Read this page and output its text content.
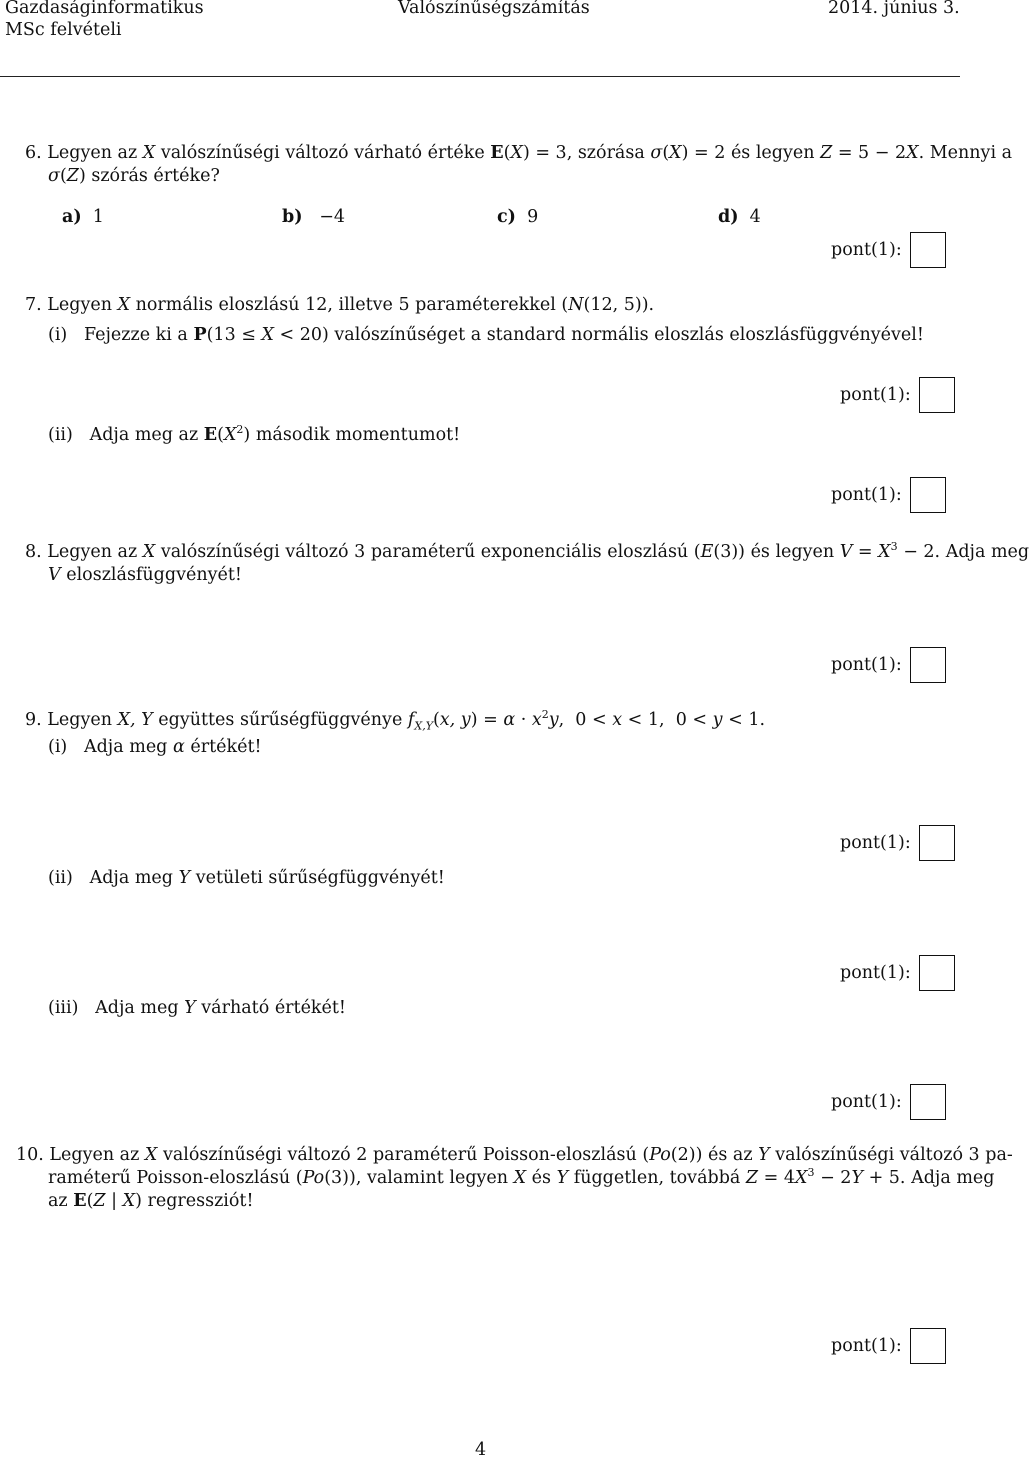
Gazdaságinformatikus
MSc felvételi
Valószínűségszámítás	2014. június 3.
6. Legyen az X valószínűségi változó várható értéke E(X) = 3, szórása σ(X) = 2 és legyen Z = 5 − 2X. Mennyi a
σ(Z) szórás értéke?
a) 1	b)   −4	c) 9	d) 4
pont(1):
7. Legyen X normális eloszlású 12, illetve 5 paraméterekkel (N(12, 5)).
(i) Fejezze ki a P(13 ≤ X < 20) valószínűséget a standard normális eloszlás eloszlásfüggvényével!
pont(1):
(ii) Adja meg az $E(X^2)$ második momentumot!
pont(1):
8. Legyen az X valószínűségi változó 3 paraméterű exponenciális eloszlású (E(3)) és legyen $V = X^3 - 2$. Adja meg
V eloszlásfüggvényét!
pont(1):
9. Legyen X, Y együttes sűrűségfüggvénye $f_{X,Y}(x$, $y) = \alpha \cdot x^2y$,  0 < x < 1,  0 < y < 1.
(i) Adja meg α értékét!
pont(1):
(ii) Adja meg Y vetületi sűrűségfüggvényét!
pont(1):
(iii) Adja meg Y várható értékét!
pont(1):
10. Legyen az X valószínűségi változó 2 paraméterű Poisson-eloszlású (Po(2)) és az Y valószínűségi változó 3 pa-
raméterű Poisson-eloszlású (Po(3)), valamint legyen X és Y független, továbbá $Z = 4X^3 - 2Y + 5$. Adja meg
az E(Z | X) regressziót!
pont(1):
4
